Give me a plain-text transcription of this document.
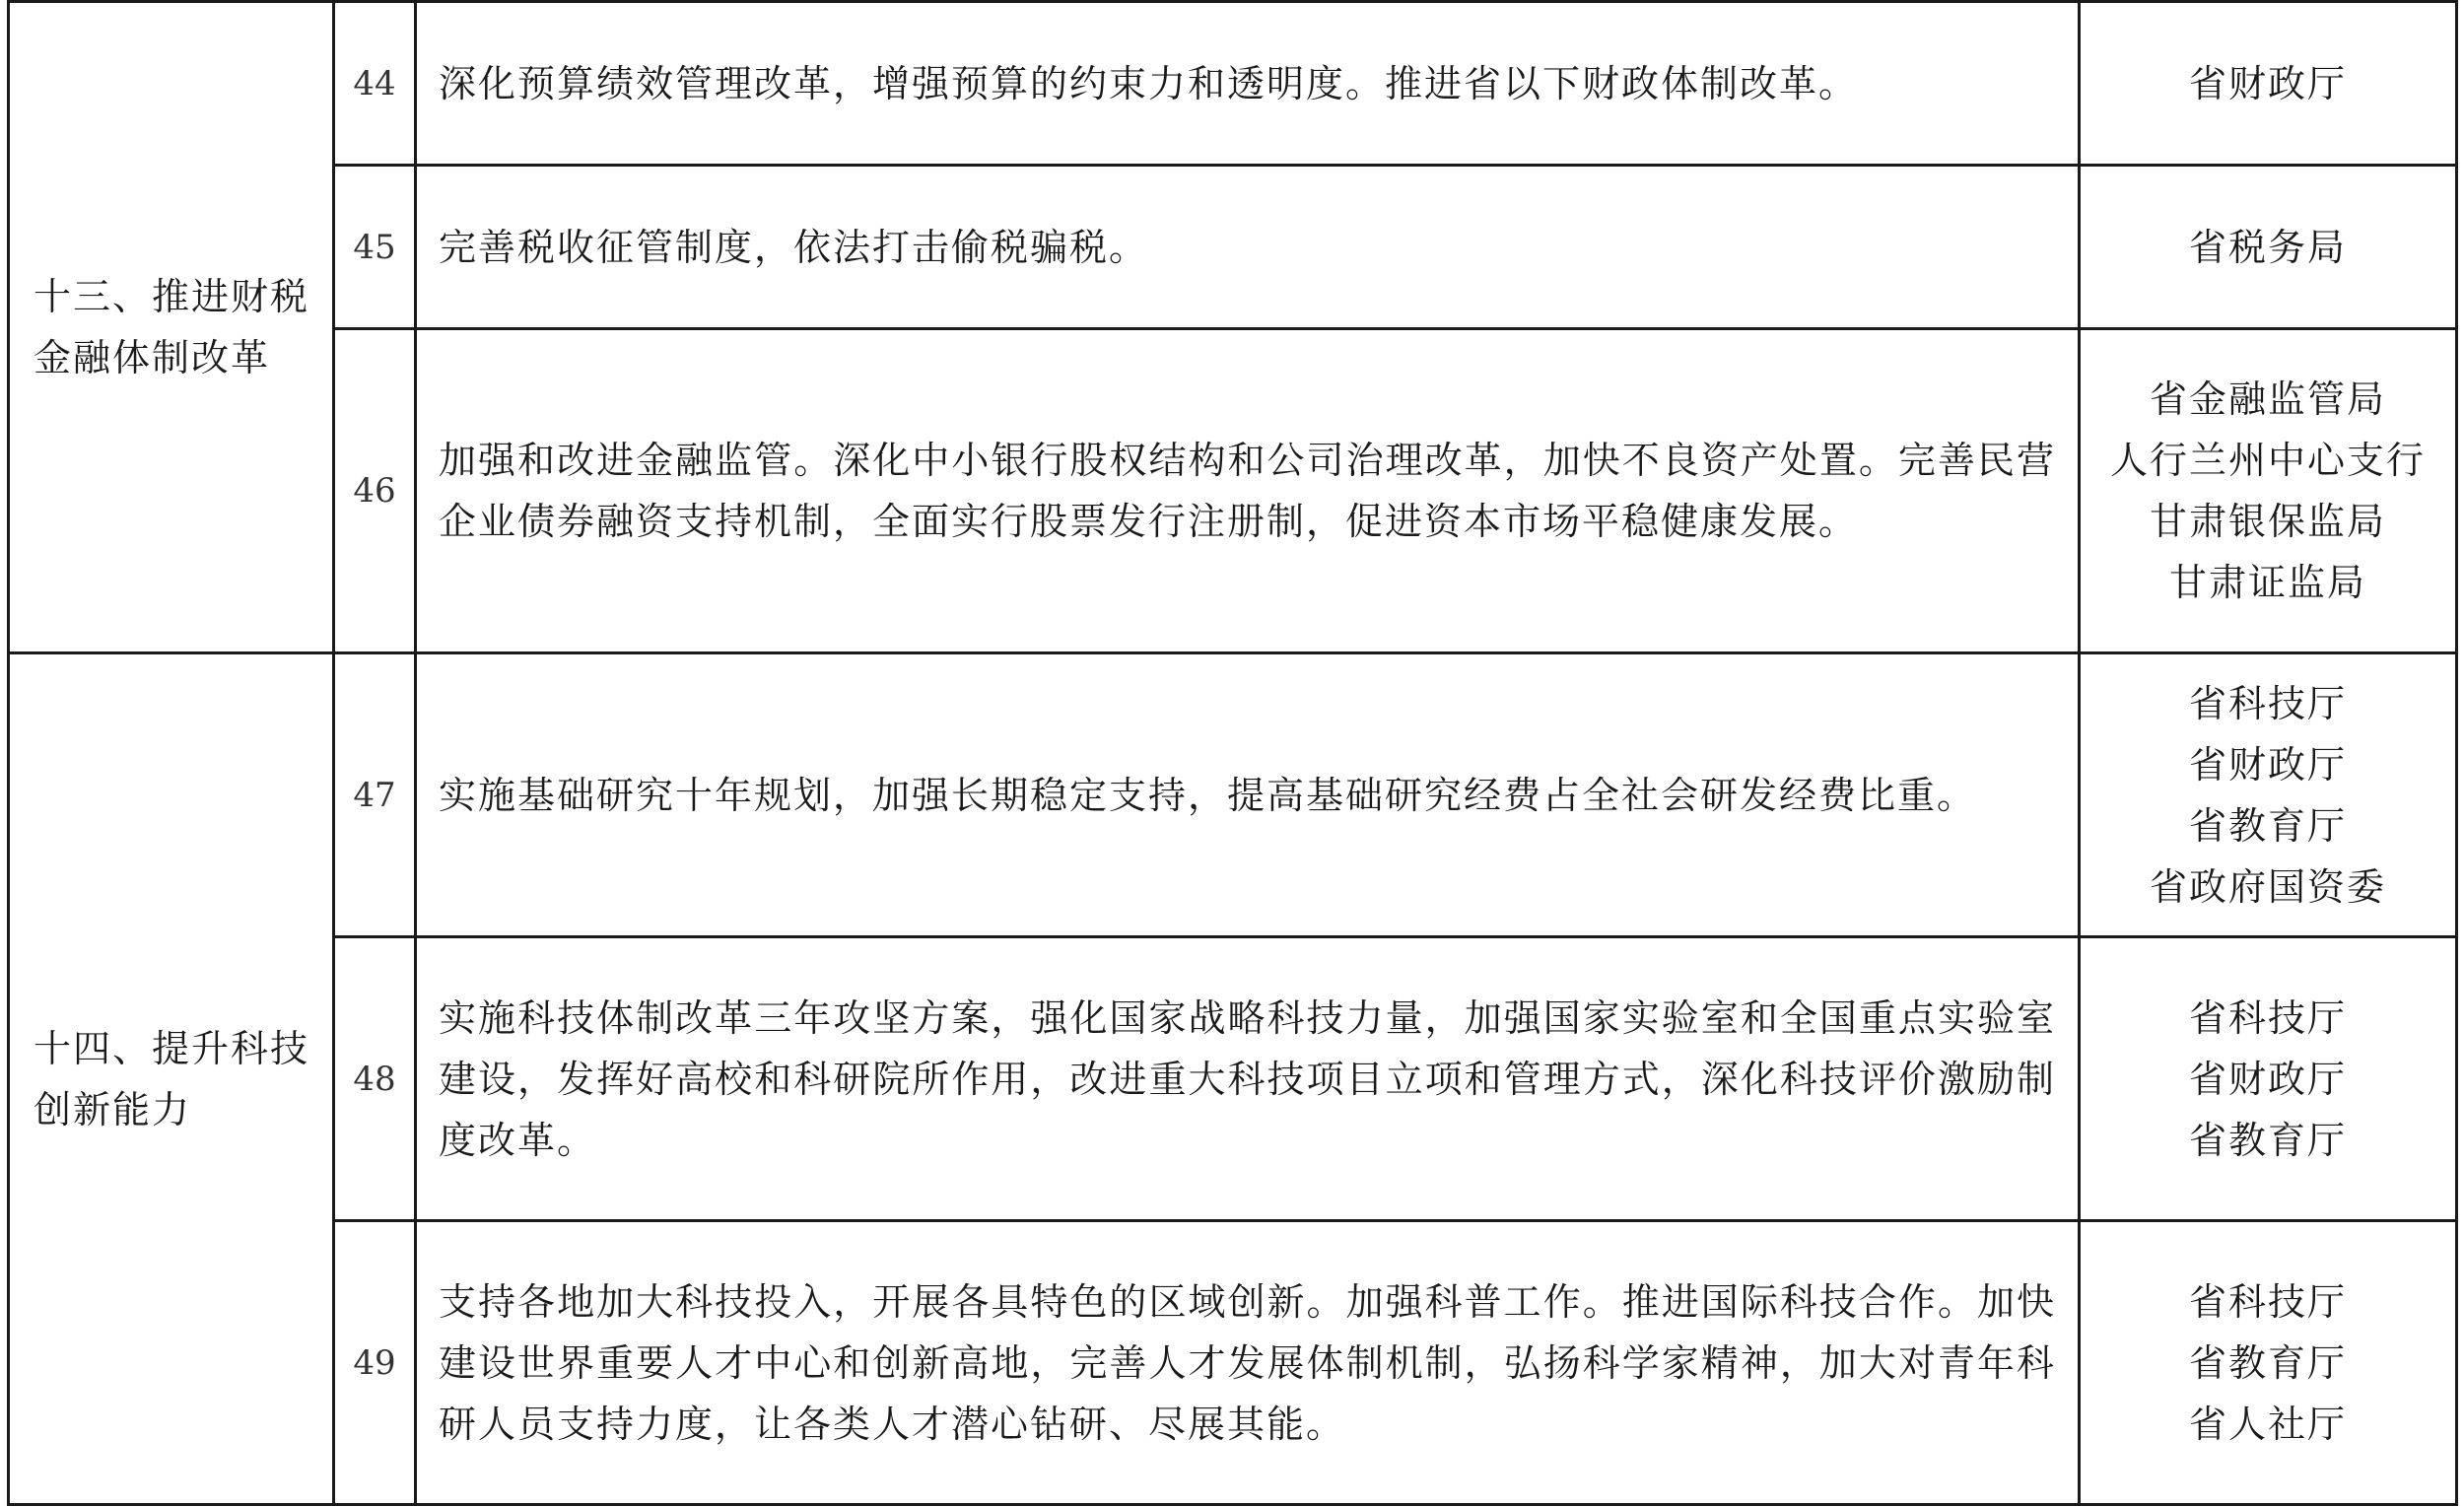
十三、推进财税金融体制改革	44	深化预算绩效管理改革，增强预算的约束力和透明度。推进省以下财政体制改革。	省财政厅

	45	完善税收征管制度，依法打击偷税骗税。	省税务局

	46	加强和改进金融监管。深化中小银行股权结构和公司治理改革，加快不良资产处置。完善民营企业债券融资支持机制，全面实行股票发行注册制，促进资本市场平稳健康发展。	省金融监管局
人行兰州中心支行
甘肃银保监局
甘肃证监局

十四、提升科技创新能力	47	实施基础研究十年规划，加强长期稳定支持，提高基础研究经费占全社会研发经费比重。	省科技厅
省财政厅
省教育厅
省政府国资委

	48	实施科技体制改革三年攻坚方案，强化国家战略科技力量，加强国家实验室和全国重点实验室建设，发挥好高校和科研院所作用，改进重大科技项目立项和管理方式，深化科技评价激励制度改革。	省科技厅
省财政厅
省教育厅

	49	支持各地加大科技投入，开展各具特色的区域创新。加强科普工作。推进国际科技合作。加快建设世界重要人才中心和创新高地，完善人才发展体制机制，弘扬科学家精神，加大对青年科研人员支持力度，让各类人才潜心钻研、尽展其能。	省科技厅
省教育厅
省人社厅
